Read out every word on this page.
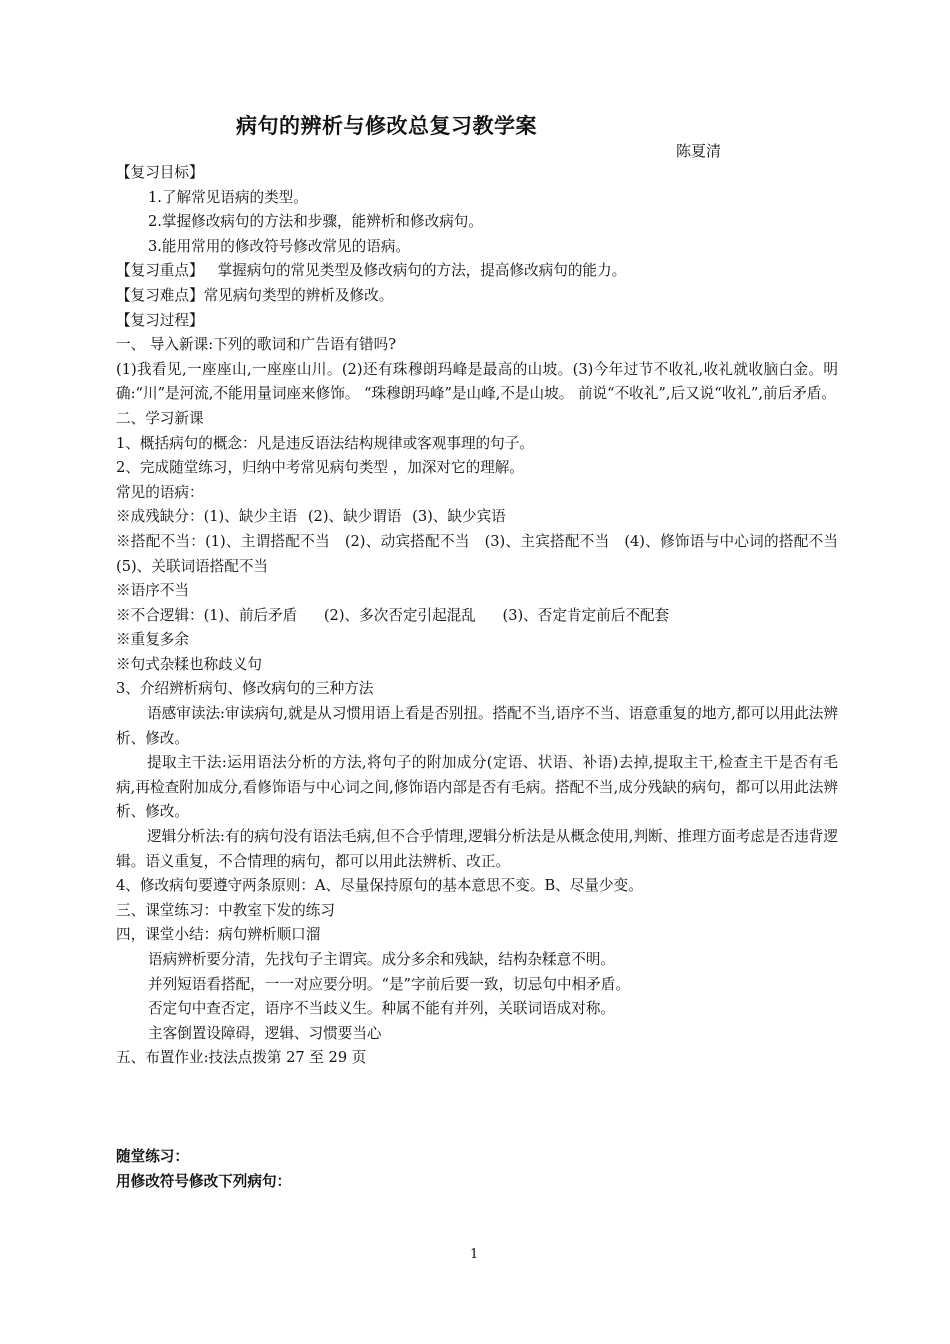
病句的辨析与修改总复习教学案
陈夏清

【复习目标】

1.了解常见语病的类型。

2.掌握修改病句的方法和步骤，能辨析和修改病句。

3.能用常用的修改符号修改常见的语病。

【复习重点】 掌握病句的常见类型及修改病句的方法，提高修改病句的能力。

【复习难点】常见病句类型的辨析及修改。

【复习过程】

一、 导入新课:下列的歌词和广告语有错吗?

(1)我看见,一座座山,一座座山川。(2)还有珠穆朗玛峰是最高的山坡。(3)今年过节不收礼,收礼就收脑白金。明确:“川”是河流,不能用量词座来修饰。 “珠穆朗玛峰”是山峰,不是山坡。 前说“不收礼”,后又说“收礼”,前后矛盾。

二、学习新课

1、概括病句的概念：凡是违反语法结构规律或客观事理的句子。

2、完成随堂练习，归纳中考常见病句类型 ，加深对它的理解。

常见的语病：

※成残缺分：(1)、缺少主语 (2)、缺少谓语 (3)、缺少宾语

※搭配不当：(1)、主谓搭配不当 (2)、动宾搭配不当 (3)、主宾搭配不当 (4)、修饰语与中心词的搭配不当 (5)、关联词语搭配不当

※语序不当

※不合逻辑：(1)、前后矛盾 (2)、多次否定引起混乱 (3)、否定肯定前后不配套

※重复多余

※句式杂糅也称歧义句

3、介绍辨析病句、修改病句的三种方法

语感审读法:审读病句,就是从习惯用语上看是否别扭。搭配不当,语序不当、语意重复的地方,都可以用此法辨析、修改。

提取主干法:运用语法分析的方法,将句子的附加成分(定语、状语、补语)去掉,提取主干,检查主干是否有毛病,再检查附加成分,看修饰语与中心词之间,修饰语内部是否有毛病。搭配不当,成分残缺的病句，都可以用此法辨析、修改。

逻辑分析法:有的病句没有语法毛病,但不合乎情理,逻辑分析法是从概念使用,判断、推理方面考虑是否违背逻辑。语义重复，不合情理的病句，都可以用此法辨析、改正。

4、修改病句要遵守两条原则：A、尽量保持原句的基本意思不变。B、尽量少变。

三、课堂练习：中教室下发的练习

四，课堂小结：病句辨析顺口溜

语病辨析要分清，先找句子主谓宾。成分多余和残缺，结构杂糅意不明。

并列短语看搭配，一一对应要分明。“是”字前后要一致，切忌句中相矛盾。

否定句中查否定，语序不当歧义生。种属不能有并列，关联词语成对称。

主客倒置设障碍，逻辑、习惯要当心

五、布置作业:技法点拨第 27 至 29 页

随堂练习：

用修改符号修改下列病句：

1
